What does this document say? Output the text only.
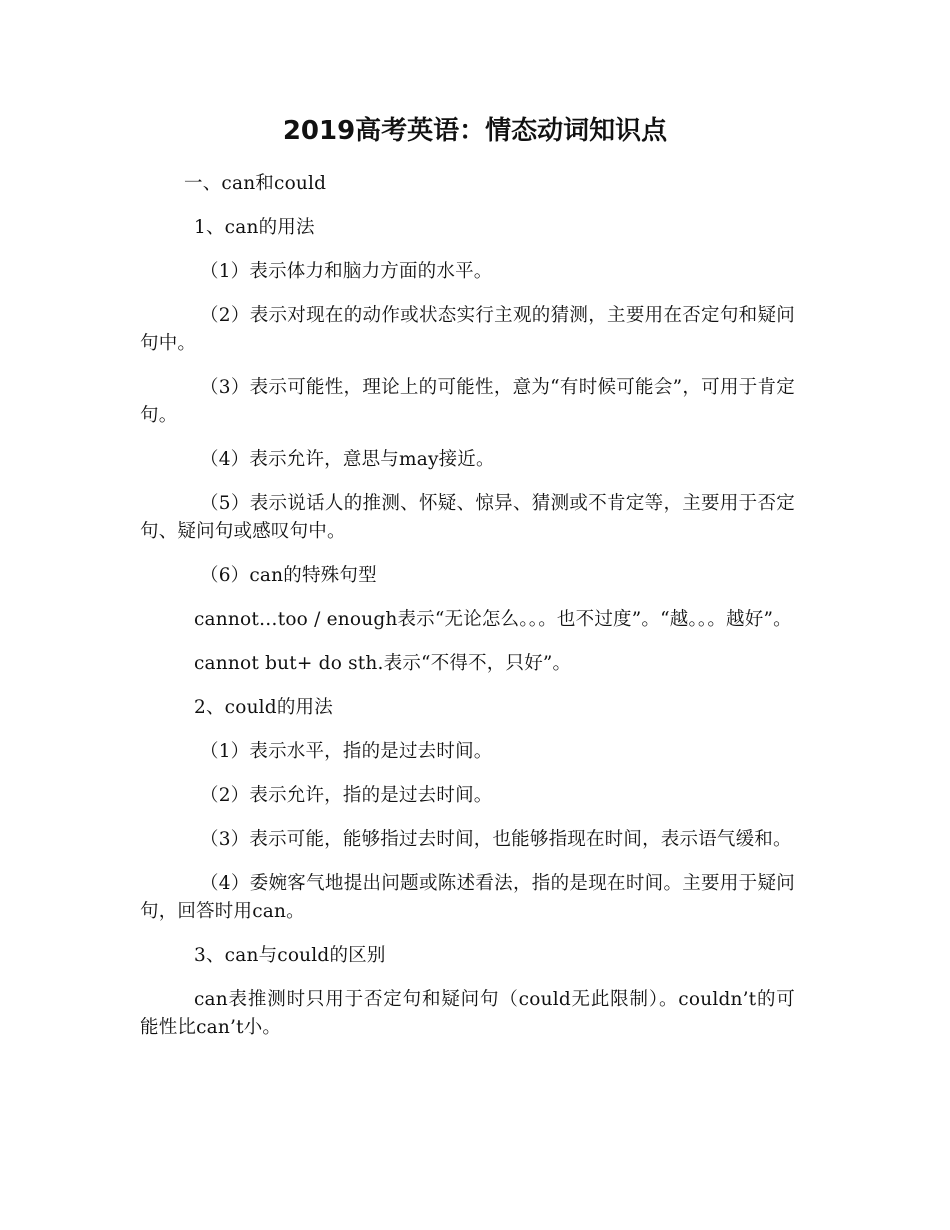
2019高考英语：情态动词知识点

一、can和could

1、can的用法

（1）表示体力和脑力方面的水平。

（2）表示对现在的动作或状态实行主观的猜测，主要用在否定句和疑问句中。

（3）表示可能性，理论上的可能性，意为“有时候可能会”，可用于肯定句。

（4）表示允许，意思与may接近。

（5）表示说话人的推测、怀疑、惊异、猜测或不肯定等，主要用于否定句、疑问句或感叹句中。

（6）can的特殊句型

cannot…too / enough表示“无论怎么。。。也不过度”。“越。。。越好”。

cannot but+ do sth.表示“不得不，只好”。

2、could的用法

（1）表示水平，指的是过去时间。

（2）表示允许，指的是过去时间。

（3）表示可能，能够指过去时间，也能够指现在时间，表示语气缓和。

（4）委婉客气地提出问题或陈述看法，指的是现在时间。主要用于疑问句，回答时用can。

3、can与could的区别

can表推测时只用于否定句和疑问句（could无此限制）。couldn’t的可能性比can’t小。
